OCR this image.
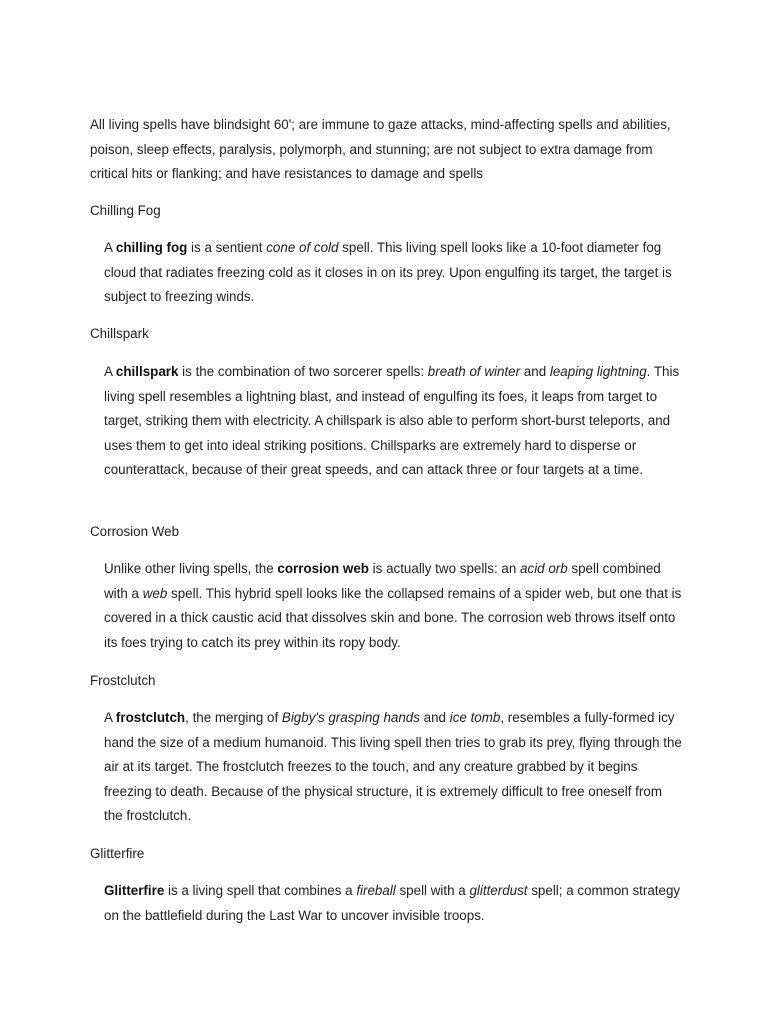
All living spells have blindsight 60'; are immune to gaze attacks, mind-affecting spells and abilities, poison, sleep effects, paralysis, polymorph, and stunning; are not subject to extra damage from critical hits or flanking; and have resistances to damage and spells

Chilling Fog

A chilling fog is a sentient cone of cold spell. This living spell looks like a 10-foot diameter fog cloud that radiates freezing cold as it closes in on its prey. Upon engulfing its target, the target is subject to freezing winds.

Chillspark

A chillspark is the combination of two sorcerer spells: breath of winter and leaping lightning. This living spell resembles a lightning blast, and instead of engulfing its foes, it leaps from target to target, striking them with electricity. A chillspark is also able to perform short-burst teleports, and uses them to get into ideal striking positions. Chillsparks are extremely hard to disperse or counterattack, because of their great speeds, and can attack three or four targets at a time.

Corrosion Web

Unlike other living spells, the corrosion web is actually two spells: an acid orb spell combined with a web spell. This hybrid spell looks like the collapsed remains of a spider web, but one that is covered in a thick caustic acid that dissolves skin and bone. The corrosion web throws itself onto its foes trying to catch its prey within its ropy body.

Frostclutch

A frostclutch, the merging of Bigby's grasping hands and ice tomb, resembles a fully-formed icy hand the size of a medium humanoid. This living spell then tries to grab its prey, flying through the air at its target. The frostclutch freezes to the touch, and any creature grabbed by it begins freezing to death. Because of the physical structure, it is extremely difficult to free oneself from the frostclutch.

Glitterfire

Glitterfire is a living spell that combines a fireball spell with a glitterdust spell; a common strategy on the battlefield during the Last War to uncover invisible troops.
